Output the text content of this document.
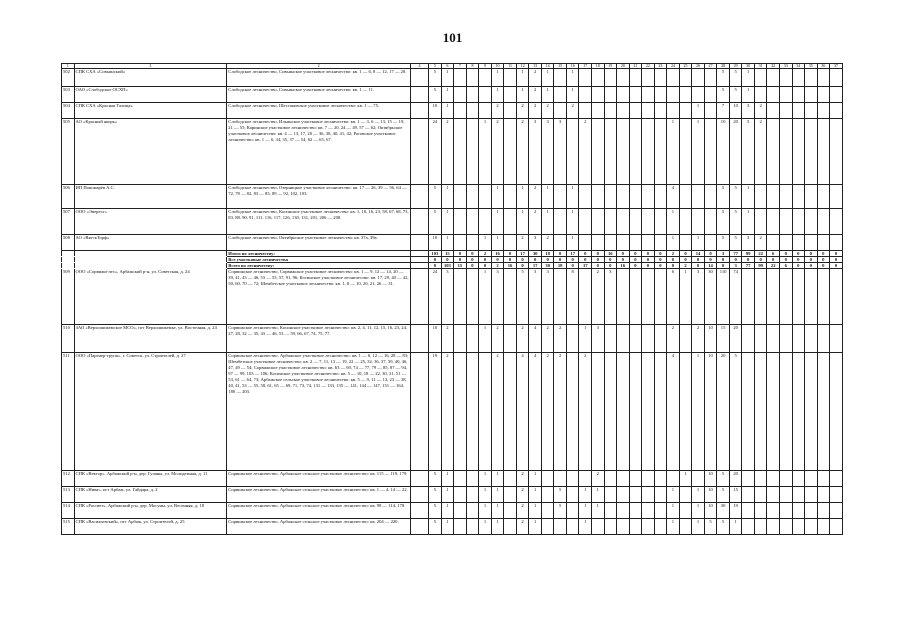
101
1	3	2	4	5	6	7	8	9	10	11	12	13	14	15	16	17	18	19	20	21	22	23	24	25	26	27	28	29	30	31	32	33	34	35	36	37
502	СПК СХА «Совьинский»	Слободское лесничество, Совьинское участковое лесничество: кв. 1 — 6, 8 — 12, 17 — 20.		5	1				1		1	2	1		1												5	5	1							
503	ОАО «Слободское ОСХП»	Слободское лесничество, Совьинское участковое лесничество: кв. 1 — 11.		5	1				1		1	2	1		1												5	5	1							
504	СПК СХА «Красная Талица»	Слободское лесничество, Шестаковское участковое лесничество: кв. 1 — 75.		10	1				2		2	2	2		2										1		7	10	3	2						
505	АО «Красный якорь»	Слободское лесничество, Ильинское участковое лесничество: кв. 1 — 3, 6 — 13, 15 — 19, 21 — 55; Каринское участковое лесничество: кв. 7 — 20, 24 — 49, 57 — 62; Октябрьское участковое лесничество: кв. 4 — 13, 17, 20 — 36, 38, 40, 41, 42; Роговское участковое лесничество: кв. 1 — 6, 34, 35, 37 — 54, 62 — 65, 67.		24	2			1	2		2	3	3	3		2							1		1		10	20	5	2						
506	ИП Пономарёв А.С.	Слободское лесничество, Озерницкое участковое лесничество: кв. 17 — 26, 39 — 56, 64 — 72, 78 — 82, 83 — 85, 89 — 92, 102, 103.		5	1				1		1	2	1		1								4				5	5	1							
507	ООО «Эверест»	Слободское лесничество, Косинское участковое лесничество: кв. 1, 10, 16, 23, 58, 67, 68, 73, 83, 88, 90, 91, 111, 116, 117, 126, 130, 131, 201, 206 — 208.		5	1				1		1	2	1		1								1				5	5	1							
508	АО «ВятскТорф»	Слободское лесничество, Октябрьское участковое лесничество: кв. 37а, 39а.		10	1			1	1		2	3	2		1								1		1		5	5	3	2						
		Итого по лесничеству:		103	15	0	0	2	16	0	17	30	18	0	17	0	0	16	0	0	0	0	2	0	14	0	3	77	99	22	6	0	0	0	0	0
		Все участковые лесничества		0	0	0	0	0	0	0	0	0	0	0	0	0	0	0	0	0	0	0	0	0	0	0	0	0	0	0	0	0	0	0	0	0
		Всего по лесничеству:		0	103	15	0	0	2	16	0	17	30	18	0	17	0	0	16	0	0	0	0	2	0	14	0	3	77	99	22	6	0	0	0	0
509	ООО «Сорвижи-лес», Арбажский р-н, ул. Советская, д. 24	Сорвижское лесничество, Сорвижское участковое лесничество: кв. 1 — 9, 12 — 14, 20 — 39, 41, 43 — 46, 53 — 55, 57, 91, 96; Косинское участковое лесничество: кв. 17, 29, 40 — 42, 50, 60, 70 — 72; Шембетское участковое лесничество: кв. 1, 8 — 10, 20, 21, 26 — 31.		24	3			1	3		5	3	3		8		2	3					6	1	3	30	110	74								
510	ЗАО «Верхошижемское МСО», пгт Верхошижемье, ул. Восточная, д. 24	Сорвижское лесничество, Косинское участковое лесничество: кв. 2, 4, 11, 12, 15, 16, 23, 24, 27, 28, 32 — 35, 43 — 46, 53 — 59, 66, 67, 74, 75, 77.		10	2			1	2		2	4	2	2		1	3						2		2	10	15	20								
511	ООО «Партнер-групп», г. Советск, ул. Строителей, д. 27	Сорвижское лесничество, Арбажское участковое лесничество: кв. 1 — 6, 12 — 16, 28 — 83; Шембетское участковое лесничество: кв. 2 — 7, 11, 13 — 19, 22 — 25, 32, 36, 37, 39, 40, 46, 47, 49 — 54; Сорвижское участковое лесничество: кв. 63 — 69, 74 — 77, 79 — 85, 87 — 94, 97 — 99, 103 — 106; Косинское участковое лесничество: кв. 5 — 10, 18 — 22, 30, 31, 51 — 53, 61 — 64, 73; Арбажское сельское участковое лесничество: кв. 5 — 9, 11 — 13, 23 — 38, 40, 41, 53 — 55, 58, 61, 65 — 69, 71, 73, 74, 131 — 133, 135 — 141, 144 — 147, 151 — 164, 180 — 203.		19	2				2		4	4	2	2		2							4		1	10	20	5								
512	СПК «Вектор», Арбажский р-н, дер. Гуляны, ул. Молодежная, д. 11	Сорвижское лесничество, Арбажское сельское участковое лесничество: кв. 115 — 119, 179.		5	1			1	1		2	1					2							1		10	5	20								
513	СПК «Нива», пгт Арбаж, ул. Гайдара, д. 2	Сорвижское лесничество, Арбажское сельское участковое лесничество: кв. 1 — 4, 14 — 22.		5	1			1	1		2	1		5		1	1						1		1	10	5	15								
514	СПК «Рассвет», Арбажский р-н, дер. Мосуны, ул. Весенняя, д. 18	Сорвижское лесничество, Арбажское сельское участковое лесничество: кв. 98 — 114, 178.		5	1			1	1		2	1		5		1	1						1		1	10	30	19								
515	СПК «Васильевский», пгт Арбаж, ул. Строителей, д. 25	Сорвижское лесничество, Арбажское сельское участковое лесничество: кв. 204 — 220.		5	1			1	1		2	1				1							1		1	5	5	1								
